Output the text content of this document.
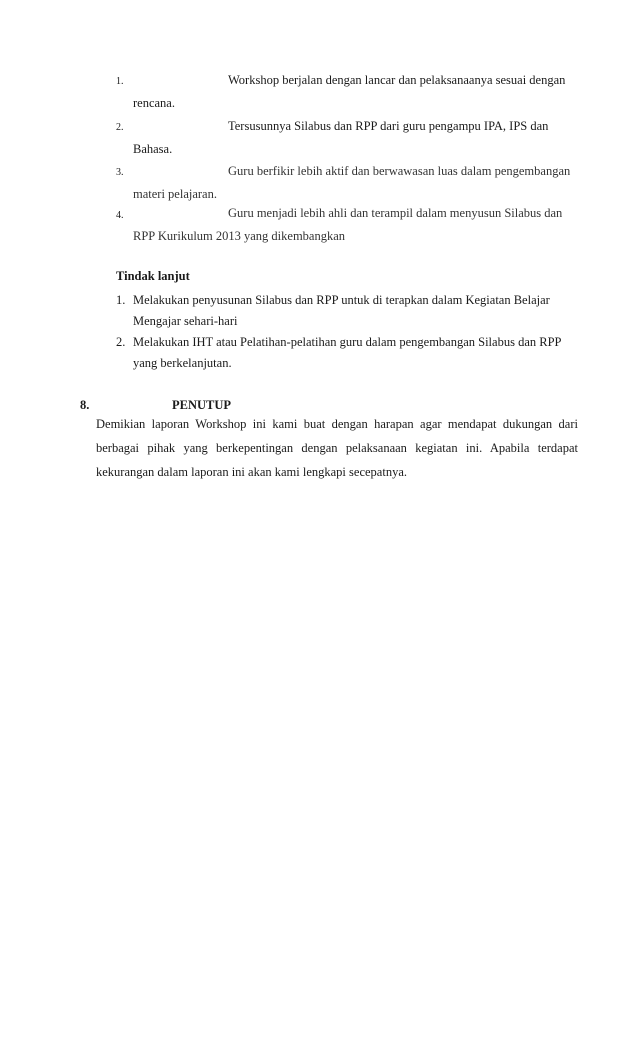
1.	Workshop berjalan dengan lancar dan pelaksanaanya sesuai dengan
rencana.
2.	Tersusunnya Silabus dan RPP dari guru pengampu IPA, IPS dan
Bahasa.
3.	Guru berfikir lebih aktif dan berwawasan luas dalam pengembangan
materi pelajaran.
4.	Guru menjadi lebih ahli dan terampil dalam menyusun Silabus dan
RPP Kurikulum 2013 yang dikembangkan
Tindak lanjut
1. Melakukan penyusunan Silabus dan RPP untuk di terapkan dalam Kegiatan Belajar
Mengajar sehari-hari
2. Melakukan IHT atau Pelatihan-pelatihan guru dalam pengembangan Silabus dan RPP
yang berkelanjutan.
8.	PENUTUP

Demikian laporan Workshop ini kami buat dengan harapan agar mendapat dukungan dari berbagai pihak yang berkepentingan dengan pelaksanaan kegiatan ini. Apabila terdapat kekurangan dalam laporan ini akan kami lengkapi secepatnya.
